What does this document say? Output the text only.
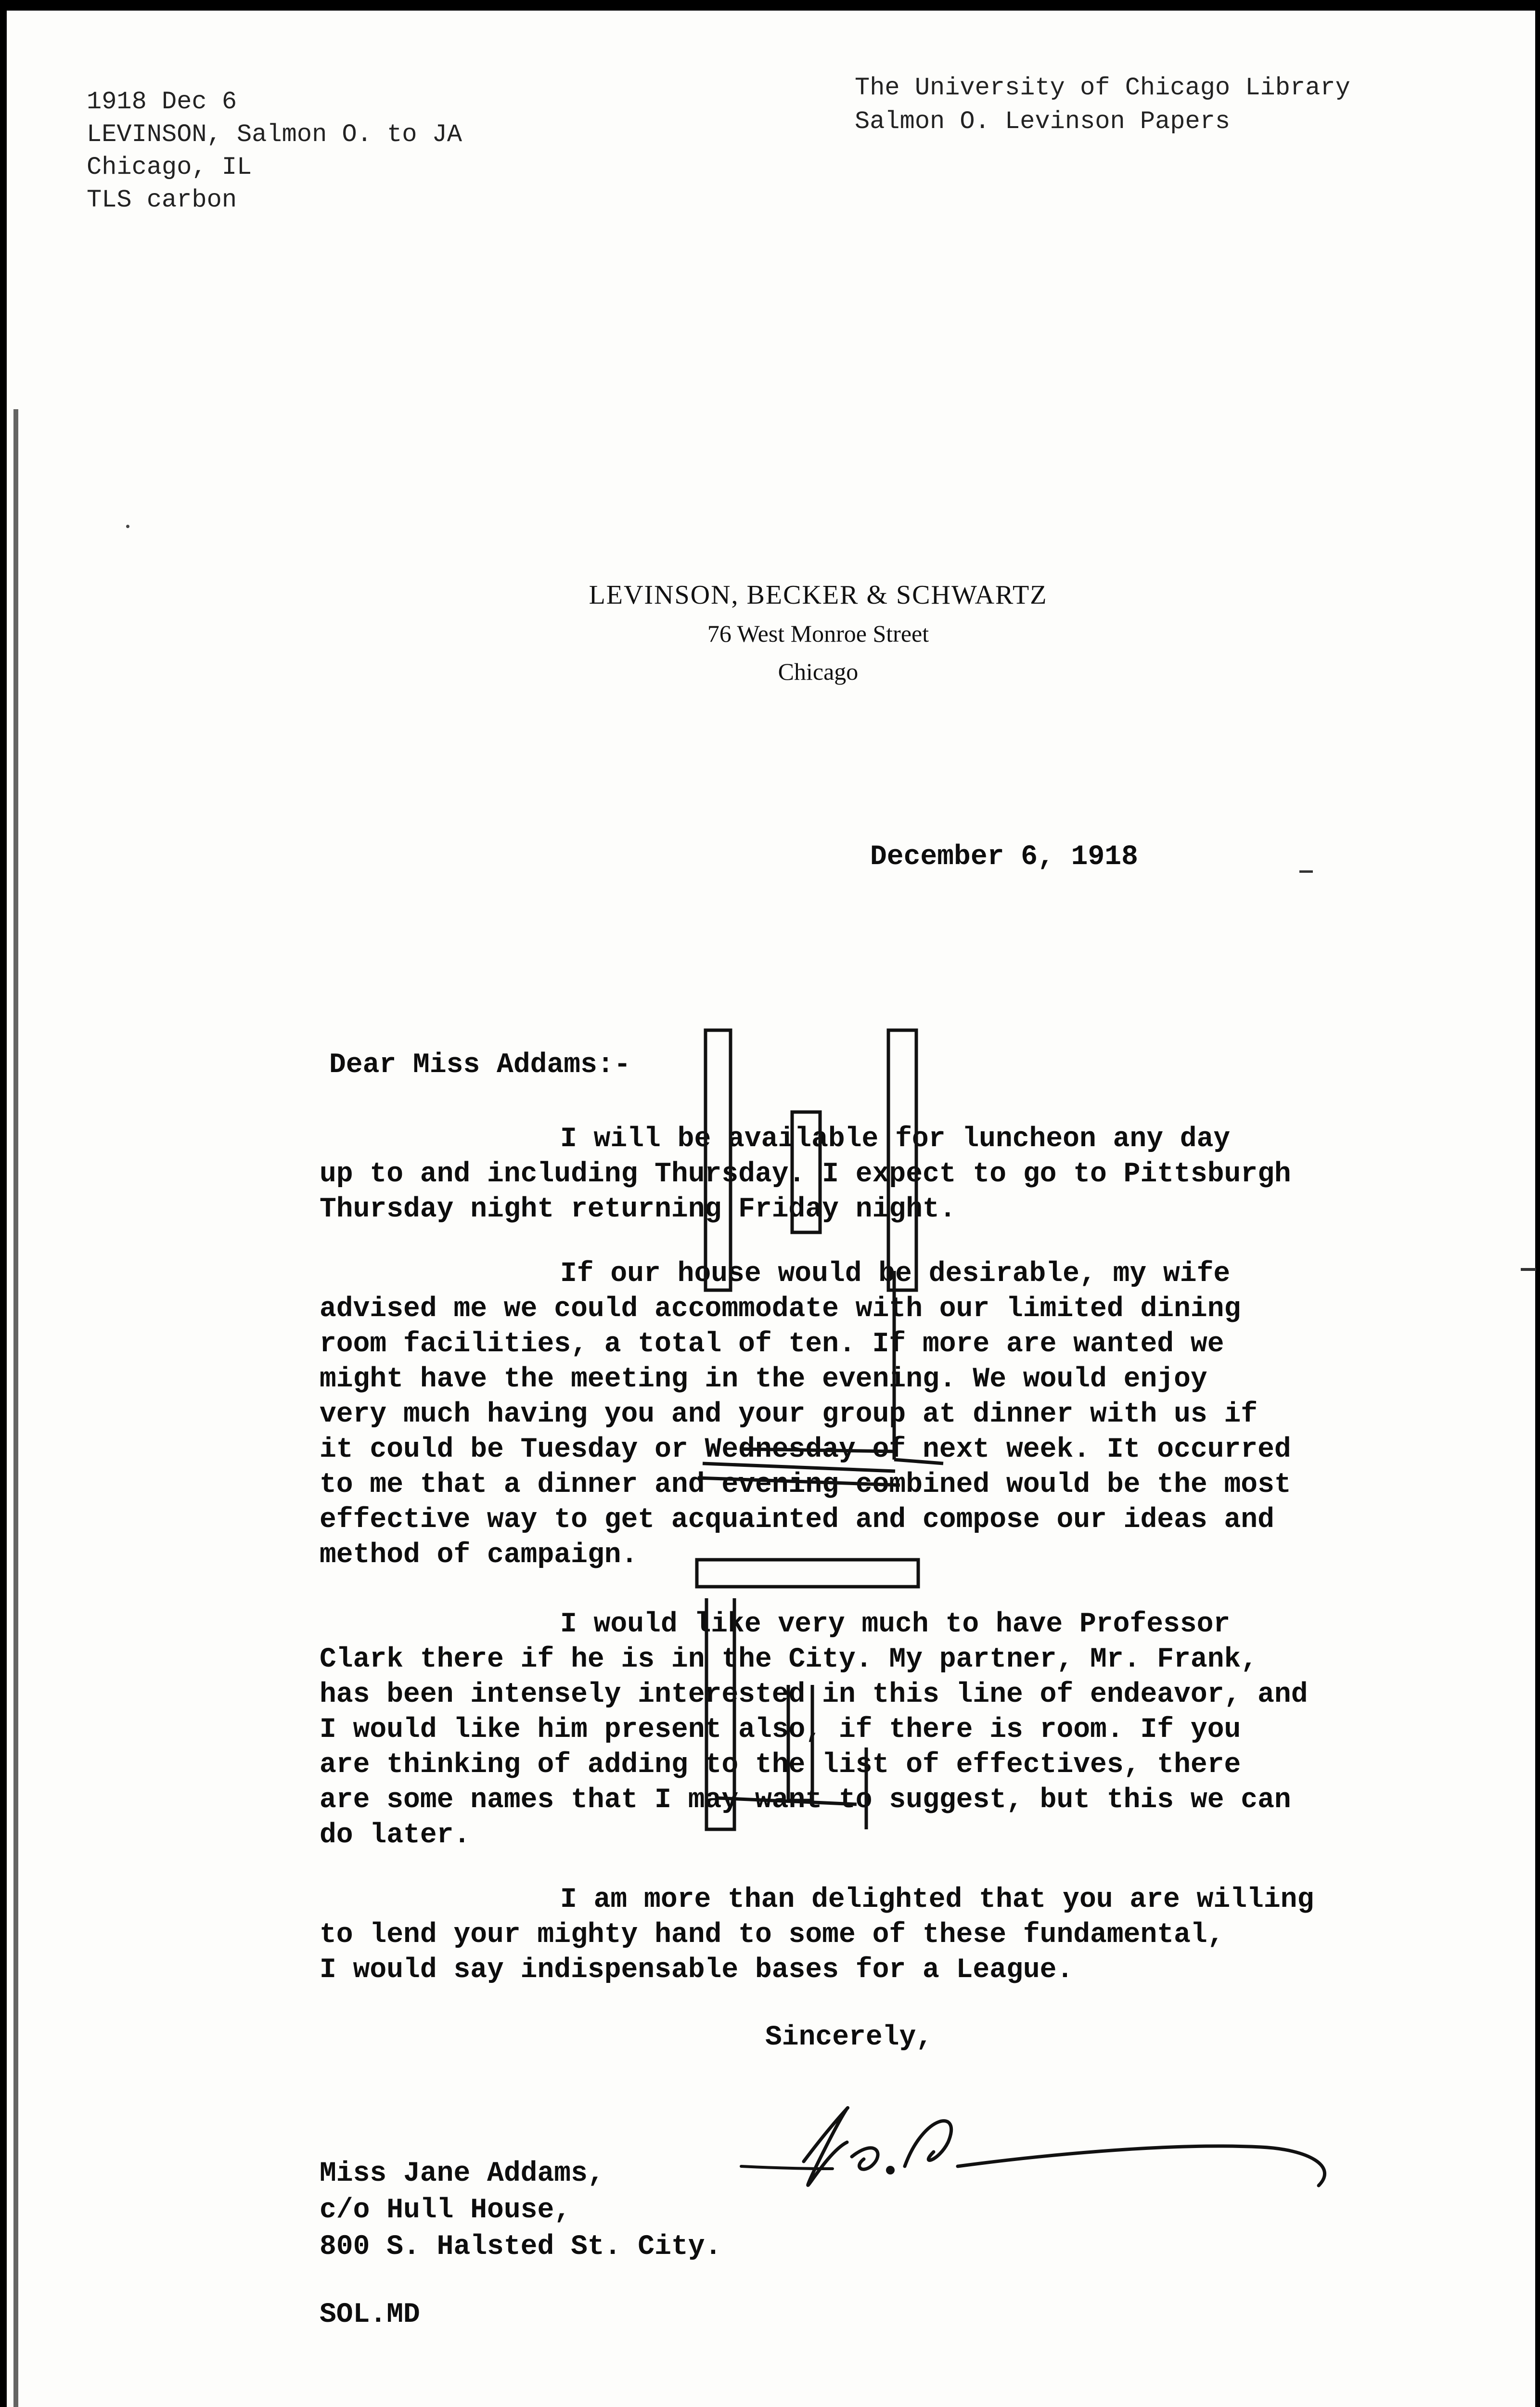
1918 Dec 6
LEVINSON, Salmon O. to JA
Chicago, IL
TLS carbon
The University of Chicago Library
Salmon O. Levinson Papers
LEVINSON, BECKER & SCHWARTZ
76 West Monroe Street
Chicago
December 6, 1918
Dear Miss Addams:-
I will be available for luncheon any day
up to and including Thursday. I expect to go to Pittsburgh
Thursday night returning Friday night.
If our house would be desirable, my wife
advised me we could accommodate with our limited dining
room facilities, a total of ten. If more are wanted we
might have the meeting in the evening. We would enjoy
very much having you and your group at dinner with us if
it could be Tuesday or Wednesday of next week. It occurred
to me that a dinner and evening combined would be the most
effective way to get acquainted and compose our ideas and
method of campaign.
I would like very much to have Professor
Clark there if he is in the City. My partner, Mr. Frank,
has been intensely interested in this line of endeavor, and
I would like him present also, if there is room. If you
are thinking of adding to the list of effectives, there
are some names that I may want to suggest, but this we can
do later.
I am more than delighted that you are willing
to lend your mighty hand to some of these fundamental,
I would say indispensable bases for a League.
Sincerely,
Miss Jane Addams,
c/o Hull House,
800 S. Halsted St. City.
SOL.MD
